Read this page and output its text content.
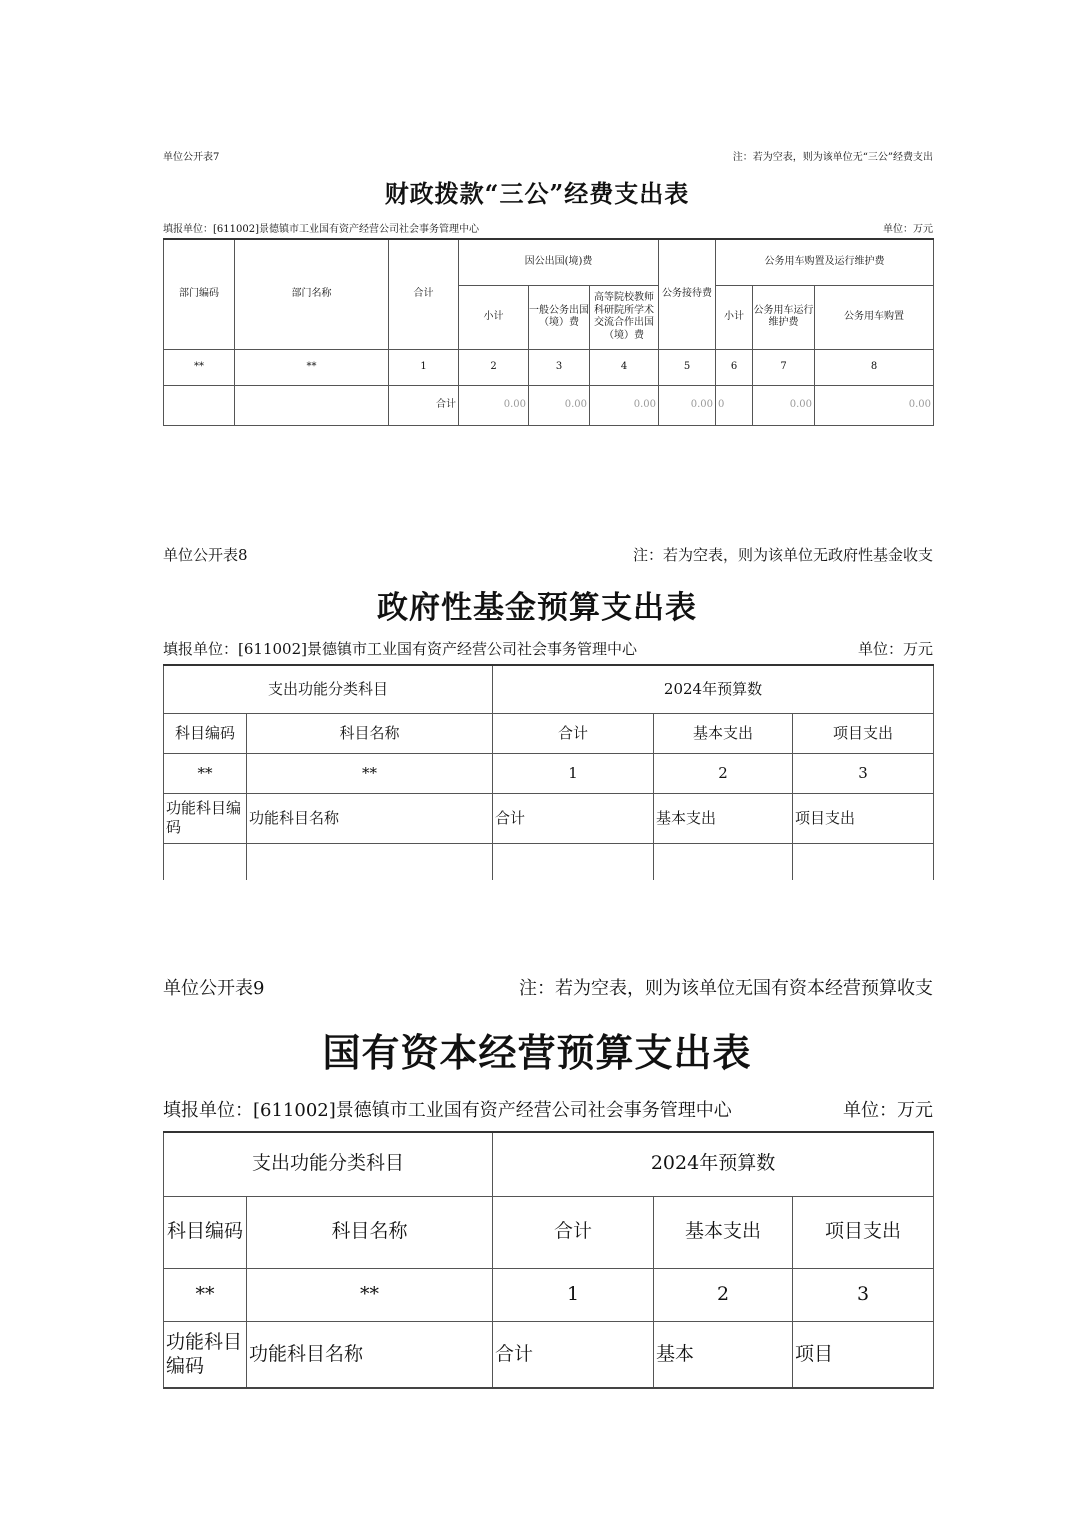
单位公开表7	注：若为空表，则为该单位无“三公”经费支出
财政拨款“三公”经费支出表
填报单位：[611002]景德镇市工业国有资产经营公司社会事务管理中心	单位：万元
部门编码	部门名称	合计	因公出国(境)费			公务接待费	公务用车购置及运行维护费		
			小计	一般公务出国（境）费	高等院校教师科研院所学术交流合作出国（境）费		小计	公务用车运行维护费	公务用车购置
**	**	1	2	3	4	5	6	7	8
		合计	0.00	0.00	0.00	0.00	0	0.00	0.00
单位公开表8	注：若为空表，则为该单位无政府性基金收支
政府性基金预算支出表
填报单位：[611002]景德镇市工业国有资产经营公司社会事务管理中心	单位：万元
支出功能分类科目		2024年预算数		
科目编码	科目名称	合计	基本支出	项目支出
**	**	1	2	3
功能科目编码	功能科目名称	合计	基本支出	项目支出

单位公开表9	注：若为空表，则为该单位无国有资本经营预算收支
国有资本经营预算支出表
填报单位：[611002]景德镇市工业国有资产经营公司社会事务管理中心	单位：万元
支出功能分类科目		2024年预算数		
科目编码	科目名称	合计	基本支出	项目支出
**	**	1	2	3
功能科目编码	功能科目名称	合计	基本	项目
